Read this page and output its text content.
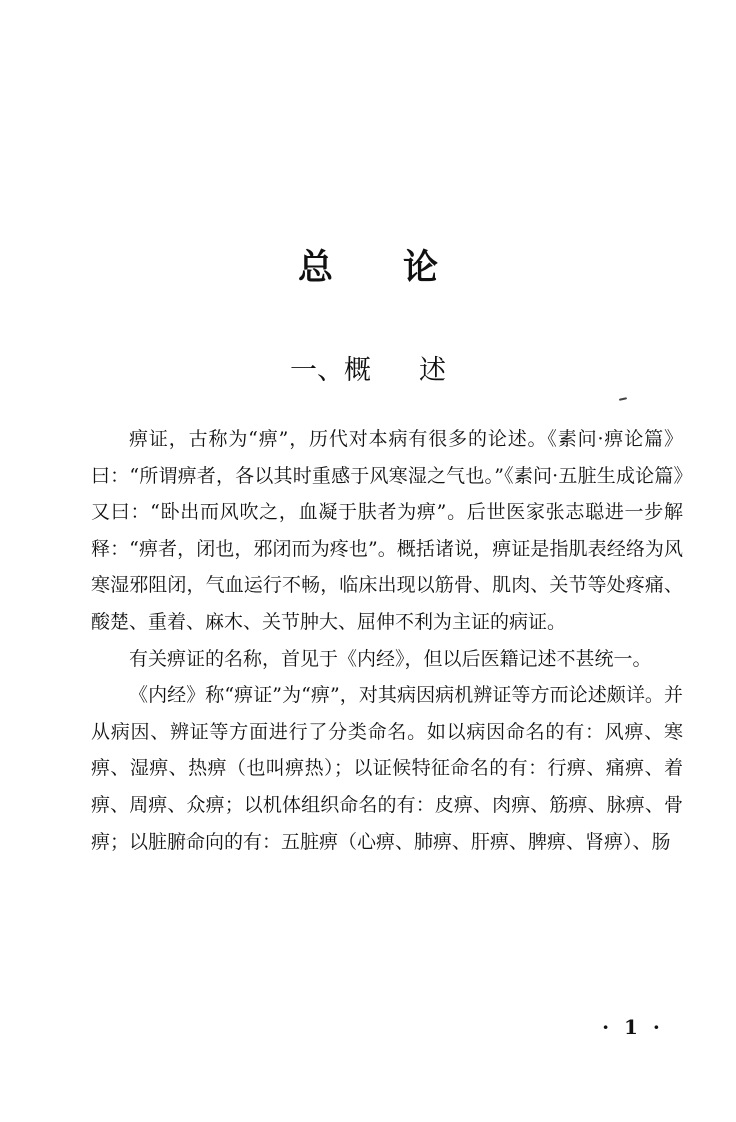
总 论
一、概 述

痹证，古称为“痹”，历代对本病有很多的论述。《素问·痹论篇》曰：“所谓痹者，各以其时重感于风寒湿之气也。”《素问·五脏生成论篇》又曰：“卧出而风吹之，血凝于肤者为痹”。后世医家张志聪进一步解释：“痹者，闭也，邪闭而为疼也”。概括诸说，痹证是指肌表经络为风寒湿邪阻闭，气血运行不畅，临床出现以筋骨、肌肉、关节等处疼痛、酸楚、重着、麻木、关节肿大、屈伸不利为主证的病证。

有关痹证的名称，首见于《内经》，但以后医籍记述不甚统一。

《内经》称“痹证”为“痹”，对其病因病机辨证等方而论述颇详。并从病因、辨证等方面进行了分类命名。如以病因命名的有：风痹、寒痹、湿痹、热痹（也叫痹热）；以证候特征命名的有：行痹、痛痹、着痹、周痹、众痹；以机体组织命名的有：皮痹、肉痹、筋痹、脉痹、骨痹；以脏腑命向的有：五脏痹（心痹、肺痹、肝痹、脾痹、肾痹）、肠

· 1 ·
